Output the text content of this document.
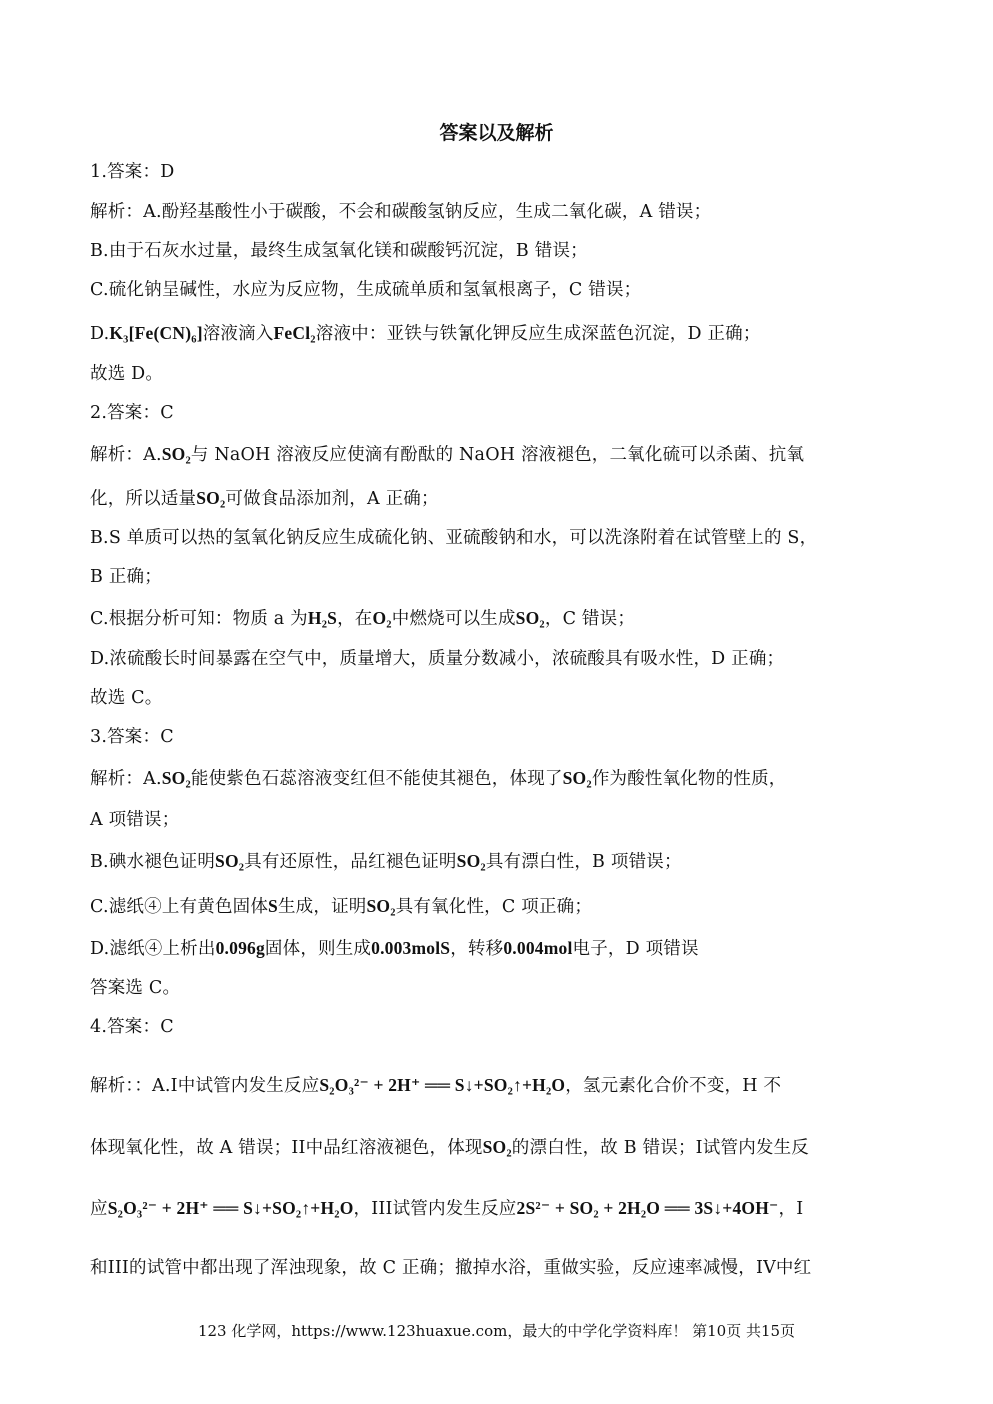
答案以及解析
1.答案：D
解析：A.酚羟基酸性小于碳酸，不会和碳酸氢钠反应，生成二氧化碳，A 错误；
B.由于石灰水过量，最终生成氢氧化镁和碳酸钙沉淀，B 错误；
C.硫化钠呈碱性，水应为反应物，生成硫单质和氢氧根离子，C 错误；
D.K₃[Fe(CN)₆]溶液滴入FeCl₂溶液中：亚铁与铁氰化钾反应生成深蓝色沉淀，D 正确；
故选 D。
2.答案：C
解析：A.SO₂与 NaOH 溶液反应使滴有酚酞的 NaOH 溶液褪色，二氧化硫可以杀菌、抗氧
化，所以适量SO₂可做食品添加剂，A 正确；
B.S 单质可以热的氢氧化钠反应生成硫化钠、亚硫酸钠和水，可以洗涤附着在试管壁上的 S，
B 正确；
C.根据分析可知：物质 a 为H₂S，在O₂中燃烧可以生成SO₂，C 错误；
D.浓硫酸长时间暴露在空气中，质量增大，质量分数减小，浓硫酸具有吸水性，D 正确；
故选 C。
3.答案：C
解析：A.SO₂能使紫色石蕊溶液变红但不能使其褪色，体现了SO₂作为酸性氧化物的性质，
A 项错误；
B.碘水褪色证明SO₂具有还原性，品红褪色证明SO₂具有漂白性，B 项错误；
C.滤纸④上有黄色固体S生成，证明SO₂具有氧化性，C 项正确；
D.滤纸④上析出0.096g固体，则生成0.003molS，转移0.004mol电子，D 项错误
答案选 C。
4.答案：C
解析：：A.I中试管内发生反应S₂O₃²⁻ + 2H⁺ ══ S↓+SO₂↑+H₂O，氢元素化合价不变，H 不
体现氧化性，故 A 错误；II中品红溶液褪色，体现SO₂的漂白性，故 B 错误；I试管内发生反
应S₂O₃²⁻ + 2H⁺ ══ S↓+SO₂↑+H₂O，III试管内发生反应2S²⁻ + SO₂ + 2H₂O ══ 3S↓+4OH⁻，I
和III的试管中都出现了浑浊现象，故 C 正确；撤掉水浴，重做实验，反应速率减慢，IV中红
123 化学网，https://www.123huaxue.com，最大的中学化学资料库！ 第10页 共15页
